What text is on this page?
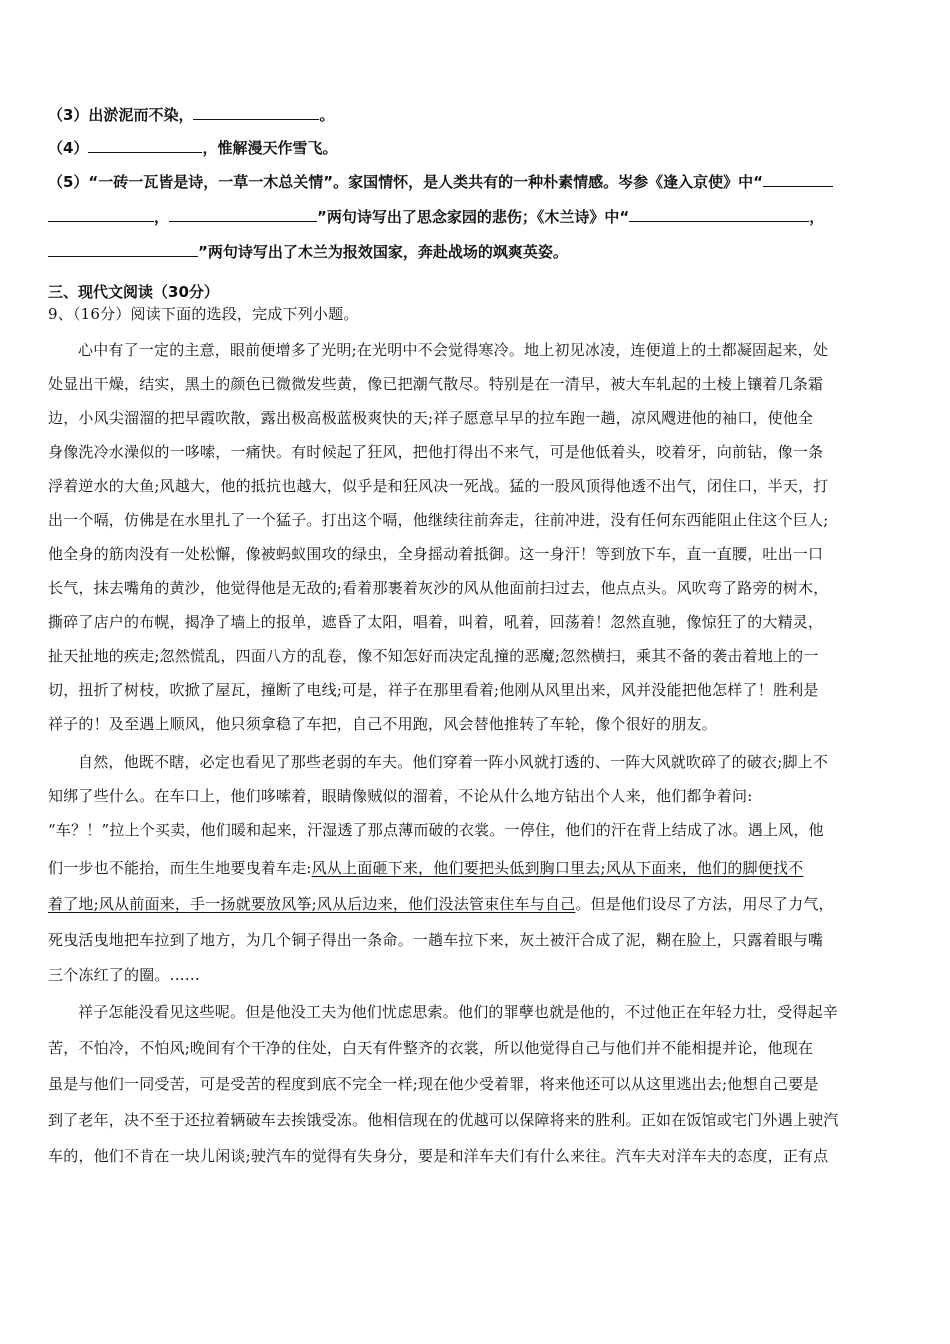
（3）出淤泥而不染，	。
（4）	，惟解漫天作雪飞。
（5）“一砖一瓦皆是诗，一草一木总关情”。家国情怀，是人类共有的一种朴素情感。岑参《逢入京使》中“
，	”两句诗写出了思念家园的悲伤；《木兰诗》中“	，
”两句诗写出了木兰为报效国家，奔赴战场的飒爽英姿。
三、现代文阅读（30分）
9、（16分）阅读下面的选段，完成下列小题。
心中有了一定的主意，眼前便增多了光明;在光明中不会觉得寒冷。地上初见冰凌，连便道上的土都凝固起来，处
处显出干燥，结实，黑土的颜色已微微发些黄，像已把潮气散尽。特别是在一清早，被大车轧起的土棱上镶着几条霜
边，小风尖溜溜的把早霞吹散，露出极高极蓝极爽快的天;祥子愿意早早的拉车跑一趟，凉风飕进他的袖口，使他全
身像洗冷水澡似的一哆嗦，一痛快。有时候起了狂风，把他打得出不来气，可是他低着头，咬着牙，向前钻，像一条
浮着逆水的大鱼;风越大，他的抵抗也越大，似乎是和狂风决一死战。猛的一股风顶得他透不出气，闭住口，半天，打
出一个嗝，仿佛是在水里扎了一个猛子。打出这个嗝，他继续往前奔走，往前冲进，没有任何东西能阻止住这个巨人;
他全身的筋肉没有一处松懈，像被蚂蚁围攻的绿虫，全身摇动着抵御。这一身汗！等到放下车，直一直腰，吐出一口
长气，抹去嘴角的黄沙，他觉得他是无敌的;看着那裹着灰沙的风从他面前扫过去，他点点头。风吹弯了路旁的树木，
撕碎了店户的布幌，揭净了墙上的报单，遮昏了太阳，唱着，叫着，吼着，回荡着！忽然直驰，像惊狂了的大精灵，
扯天扯地的疾走;忽然慌乱，四面八方的乱卷，像不知怎好而决定乱撞的恶魔;忽然横扫，乘其不备的袭击着地上的一
切，扭折了树枝，吹掀了屋瓦，撞断了电线;可是，祥子在那里看着;他刚从风里出来，风并没能把他怎样了！胜利是
祥子的！及至遇上顺风，他只须拿稳了车把，自己不用跑，风会替他推转了车轮，像个很好的朋友。
自然，他既不瞎，必定也看见了那些老弱的车夫。他们穿着一阵小风就打透的、一阵大风就吹碎了的破衣;脚上不
知绑了些什么。在车口上，他们哆嗦着，眼睛像贼似的溜着，不论从什么地方钻出个人来，他们都争着问:
“车？！”拉上个买卖，他们暖和起来，汗湿透了那点薄而破的衣裳。一停住，他们的汗在背上结成了冰。遇上风，他
们一步也不能抬，而生生地要曳着车走:风从上面砸下来，他们要把头低到胸口里去;风从下面来，他们的脚便找不
着了地;风从前面来，手一扬就要放风筝;风从后边来，他们没法管束住车与自己。但是他们设尽了方法，用尽了力气，
死曳活曳地把车拉到了地方，为几个铜子得出一条命。一趟车拉下来，灰土被汗合成了泥，糊在脸上，只露着眼与嘴
三个冻红了的圈。……
祥子怎能没看见这些呢。但是他没工夫为他们忧虑思索。他们的罪孽也就是他的，不过他正在年轻力壮，受得起辛
苦，不怕冷，不怕风;晚间有个干净的住处，白天有件整齐的衣裳，所以他觉得自己与他们并不能相提并论，他现在
虽是与他们一同受苦，可是受苦的程度到底不完全一样;现在他少受着罪，将来他还可以从这里逃出去;他想自己要是
到了老年，决不至于还拉着辆破车去挨饿受冻。他相信现在的优越可以保障将来的胜利。正如在饭馆或宅门外遇上驶汽
车的，他们不肯在一块儿闲谈;驶汽车的觉得有失身分，要是和洋车夫们有什么来往。汽车夫对洋车夫的态度，正有点
